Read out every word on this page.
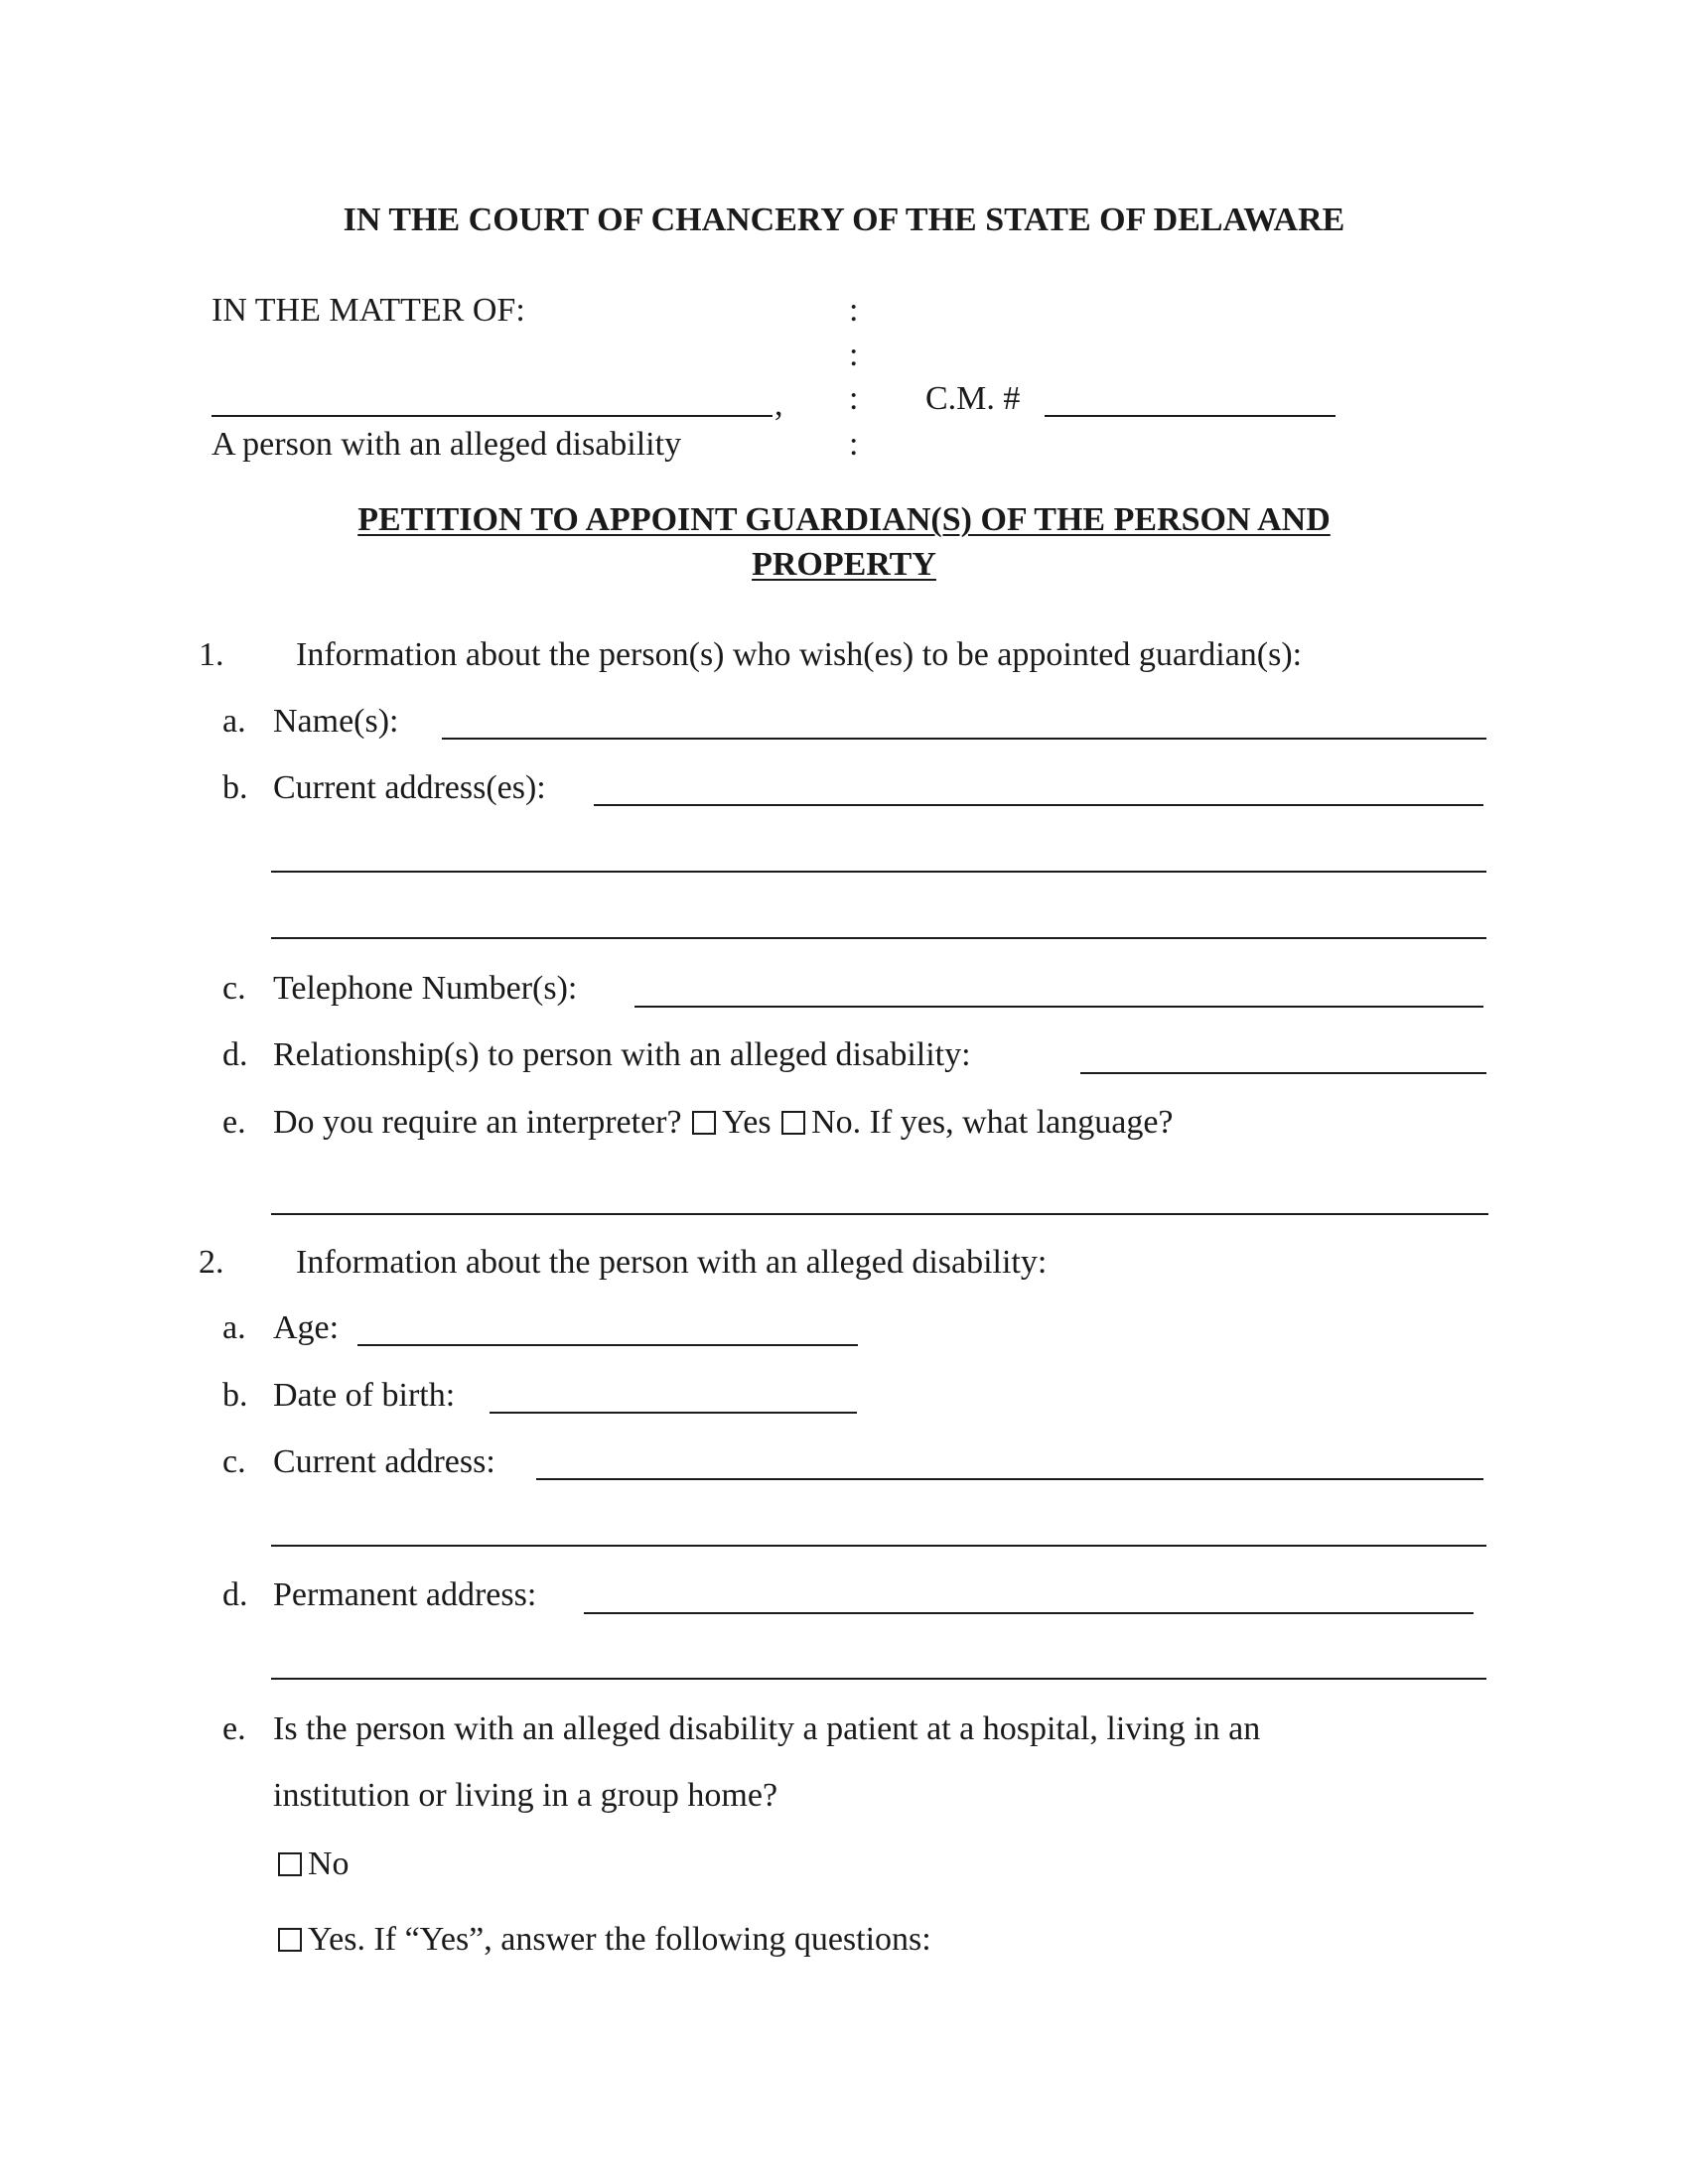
IN THE COURT OF CHANCERY OF THE STATE OF DELAWARE
IN THE MATTER OF:	:
:
:
:
,
A person with an alleged disability
C.M. #
PETITION TO APPOINT GUARDIAN(S) OF THE PERSON AND
PROPERTY
1. Information about the person(s) who wish(es) to be appointed guardian(s):
a. Name(s):
b. Current address(es):
c. Telephone Number(s):
d. Relationship(s) to person with an alleged disability:
e. Do you require an interpreter? Yes No. If yes, what language?
2. Information about the person with an alleged disability:
a. Age:
b. Date of birth:
c. Current address:
d. Permanent address:
e. Is the person with an alleged disability a patient at a hospital, living in an
institution or living in a group home?
No
Yes. If “Yes”, answer the following questions:
